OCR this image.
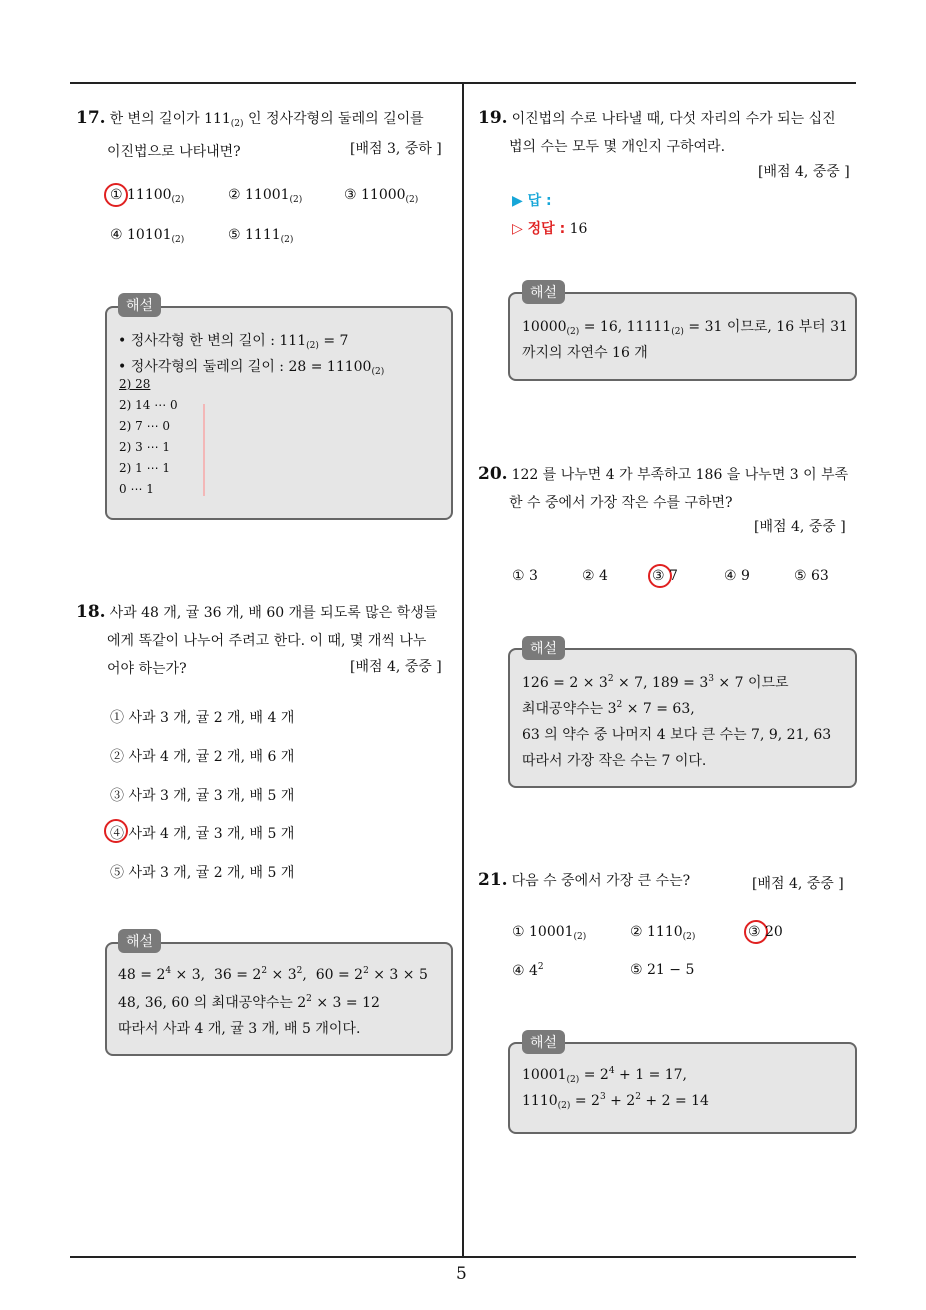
5
17. 한 변의 길이가 $111_{(2)}$ 인 정사각형의 둘레의 길이를
이진법으로 나타내면?	[배점 3, 중하 ]
① $11100_{(2)}$	② $11001_{(2)}$	③ $11000_{(2)}$
④ $10101_{(2)}$	⑤ $1111_{(2)}$
• 정사각형 한 변의 길이 : $111_{(2)} = 7$
• 정사각형의 둘레의 길이 : $28 = 11100_{(2)}$
2) 28
2) 14 ⋯ 0
2) 7 ⋯ 0
2) 3 ⋯ 1
2) 1 ⋯ 1
0 ⋯ 1
해설
18. 사과 48 개, 귤 36 개, 배 60 개를 되도록 많은 학생들
에게 똑같이 나누어 주려고 한다. 이 때, 몇 개씩 나누
어야 하는가?	[배점 4, 중중 ]
① 사과 3 개, 귤 2 개, 배 4 개
② 사과 4 개, 귤 2 개, 배 6 개
③ 사과 3 개, 귤 3 개, 배 5 개
④ 사과 4 개, 귤 3 개, 배 5 개
⑤ 사과 3 개, 귤 2 개, 배 5 개
$48 = 2^4 \times 3$,  $36 = 2^2 \times 3^2$,  $60 = 2^2 \times 3 \times 5$
48, 36, 60 의 최대공약수는 $2^2 \times 3 = 12$
따라서 사과 4 개, 귤 3 개, 배 5 개이다.
해설
19. 이진법의 수로 나타낼 때, 다섯 자리의 수가 되는 십진
법의 수는 모두 몇 개인지 구하여라.
[배점 4, 중중 ]
▶ 답 :
▷ 정답 : 16
$10000_{(2)} = 16$, $11111_{(2)} = 31$ 이므로, 16 부터 31
까지의 자연수 16 개
해설
20. 122 를 나누면 4 가 부족하고 186 을 나누면 3 이 부족
한 수 중에서 가장 작은 수를 구하면?
[배점 4, 중중 ]
① 3	② 4	③ 7	④ 9	⑤ 63
$126 = 2 \times 3^2 \times 7$, $189 = 3^3 \times 7$ 이므로
최대공약수는 $3^2 \times 7 = 63$,
63 의 약수 중 나머지 4 보다 큰 수는 7, 9, 21, 63
따라서 가장 작은 수는 7 이다.
해설
21. 다음 수 중에서 가장 큰 수는?	[배점 4, 중중 ]
① $10001_{(2)}$	② $1110_{(2)}$	③ 20
④ $4^2$	⑤ 21 − 5
$10001_{(2)} = 2^4 + 1 = 17$,
$1110_{(2)} = 2^3 + 2^2 + 2 = 14$
해설
